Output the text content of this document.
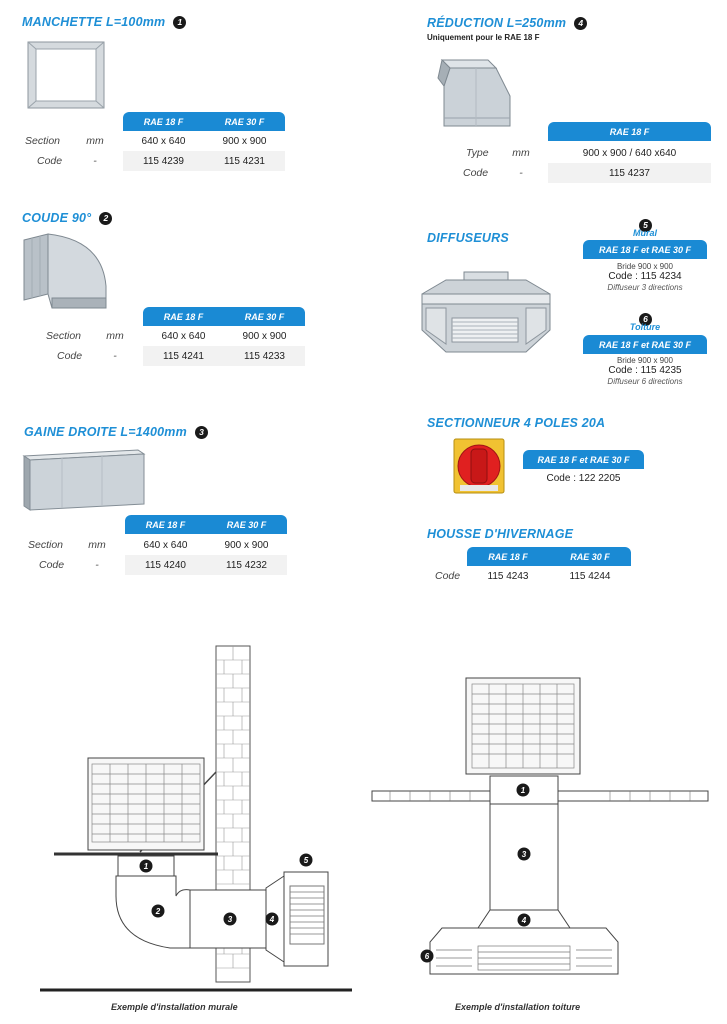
MANCHETTE L=100mm 1
RAE 18 F	RAE 30 F
Section	mm	640 x 640	900 x 900
Code	-	115 4239	115 4231
COUDE 90° 2
RAE 18 F	RAE 30 F
Section	mm	640 x 640	900 x 900
Code	-	115 4241	115 4233
GAINE DROITE L=1400mm 3
RAE 18 F	RAE 30 F
Section	mm	640 x 640	900 x 900
Code	-	115 4240	115 4232
RÉDUCTION L=250mm 4
Uniquement pour le RAE 18 F
RAE 18 F
Type	mm	900 x 900 / 640 x640
Code	-	115 4237
DIFFUSEURS
5
Mural
RAE 18 F et RAE 30 F
Bride 900 x 900
Code : 115 4234
Diffuseur 3 directions
6
Toiture
RAE 18 F et RAE 30 F
Bride 900 x 900
Code : 115 4235
Diffuseur 6 directions
SECTIONNEUR 4 POLES 20A
RAE 18 F et RAE 30 F
Code : 122 2205
HOUSSE D'HIVERNAGE
RAE 18 F	RAE 30 F
Code	115 4243	115 4244
1
2
3	4
5
Exemple d'installation murale
1
3
4
6
Exemple d'installation toiture
